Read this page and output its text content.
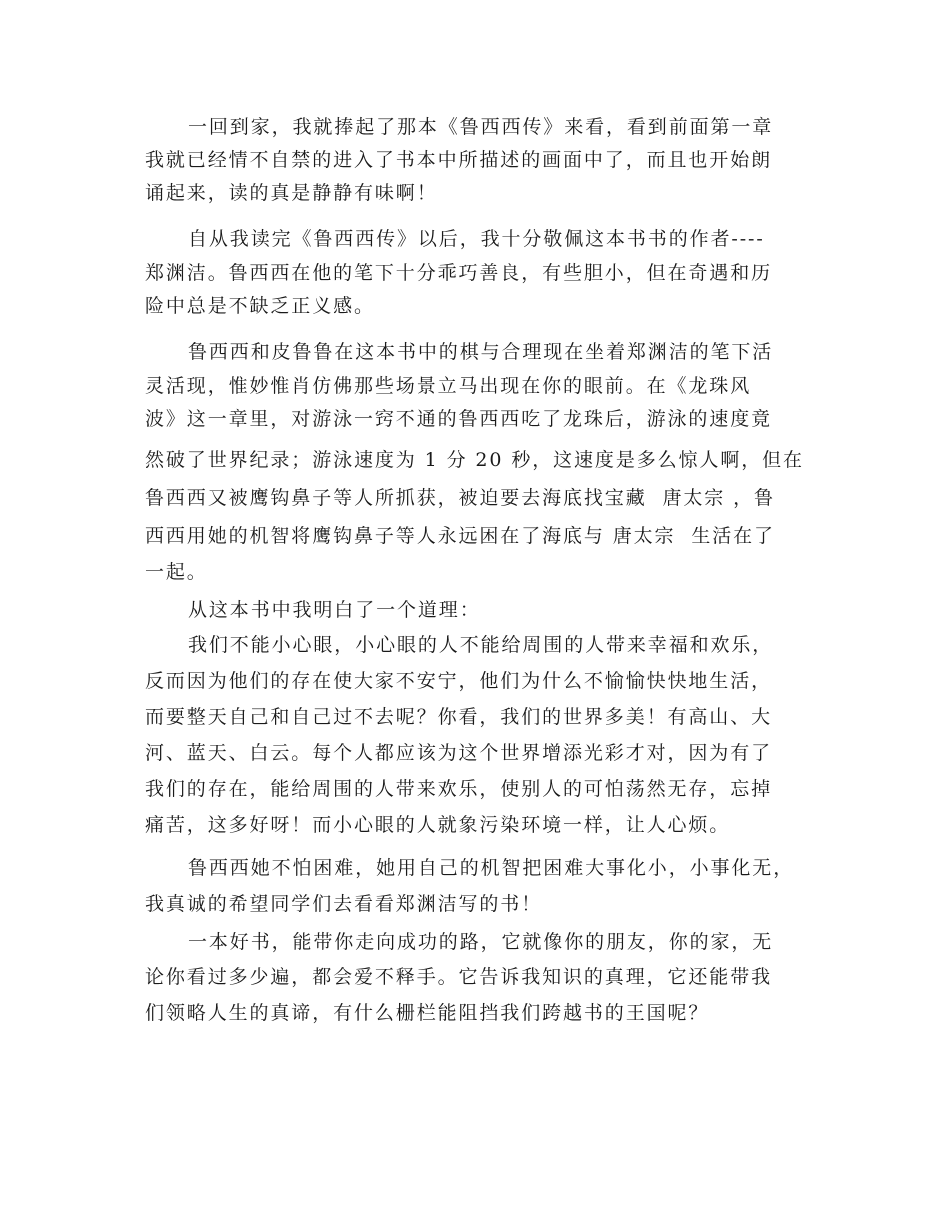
一回到家，我就捧起了那本《鲁西西传》来看，看到前面第一章

我就已经情不自禁的进入了书本中所描述的画面中了，而且也开始朗

诵起来，读的真是静静有味啊！

自从我读完《鲁西西传》以后，我十分敬佩这本书书的作者----

郑渊洁。鲁西西在他的笔下十分乖巧善良，有些胆小，但在奇遇和历

险中总是不缺乏正义感。

鲁西西和皮鲁鲁在这本书中的棋与合理现在坐着郑渊洁的笔下活

灵活现，惟妙惟肖仿佛那些场景立马出现在你的眼前。在《龙珠风

波》这一章里，对游泳一窍不通的鲁西西吃了龙珠后，游泳的速度竟

然破了世界纪录；游泳速度为 1 分 20 秒，这速度是多么惊人啊，但在

鲁西西又被鹰钩鼻子等人所抓获，被迫要去海底找宝藏  唐太宗 ，鲁

西西用她的机智将鹰钩鼻子等人永远困在了海底与 唐太宗  生活在了

一起。

从这本书中我明白了一个道理：

我们不能小心眼，小心眼的人不能给周围的人带来幸福和欢乐，

反而因为他们的存在使大家不安宁，他们为什么不愉愉快快地生活，

而要整天自己和自己过不去呢？你看，我们的世界多美！有高山、大

河、蓝天、白云。每个人都应该为这个世界增添光彩才对，因为有了

我们的存在，能给周围的人带来欢乐，使别人的可怕荡然无存，忘掉

痛苦，这多好呀！而小心眼的人就象污染环境一样，让人心烦。

鲁西西她不怕困难，她用自己的机智把困难大事化小，小事化无，

我真诚的希望同学们去看看郑渊洁写的书！

一本好书，能带你走向成功的路，它就像你的朋友，你的家，无

论你看过多少遍，都会爱不释手。它告诉我知识的真理，它还能带我

们领略人生的真谛，有什么栅栏能阻挡我们跨越书的王国呢？
